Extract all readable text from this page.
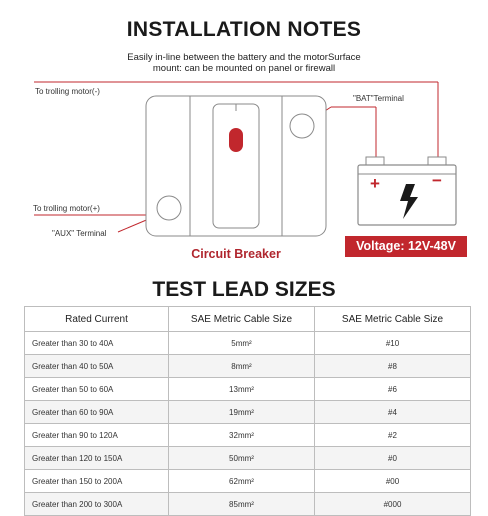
INSTALLATION NOTES
Easily in-line between the battery and the motorSurface
mount: can be mounted on panel or firewall
+	−
To trolling motor(-)
To trolling motor(+)
"BAT"Terminal
"AUX" Terminal
Circuit Breaker
Voltage: 12V-48V
TEST LEAD SIZES
Rated Current	SAE Metric Cable Size	SAE Metric Cable Size
Greater than 30 to 40A	5mm²	#10
Greater than 40 to 50A	8mm²	#8
Greater than 50 to 60A	13mm²	#6
Greater than 60 to 90A	19mm²	#4
Greater than 90 to 120A	32mm²	#2
Greater than 120 to 150A	50mm²	#0
Greater than 150 to 200A	62mm²	#00
Greater than 200 to 300A	85mm²	#000
